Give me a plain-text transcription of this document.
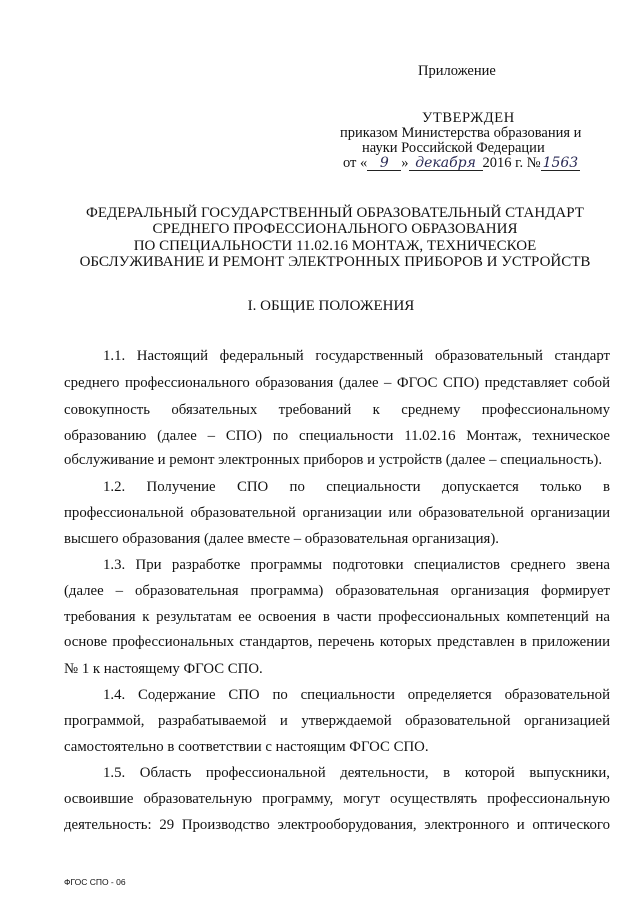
Приложение
УТВЕРЖДЕН
приказом Министерства образования и
науки Российской Федерации
от « 9 » декабря 2016 г. № 1563
ФЕДЕРАЛЬНЫЙ ГОСУДАРСТВЕННЫЙ ОБРАЗОВАТЕЛЬНЫЙ СТАНДАРТ
СРЕДНЕГО ПРОФЕССИОНАЛЬНОГО ОБРАЗОВАНИЯ
ПО СПЕЦИАЛЬНОСТИ 11.02.16 МОНТАЖ, ТЕХНИЧЕСКОЕ
ОБСЛУЖИВАНИЕ И РЕМОНТ ЭЛЕКТРОННЫХ ПРИБОРОВ И УСТРОЙСТВ
I. ОБЩИЕ ПОЛОЖЕНИЯ
1.1. Настоящий федеральный государственный образовательный стандарт
среднего профессионального образования (далее – ФГОС СПО) представляет собой
совокупность обязательных требований к среднему профессиональному
образованию (далее – СПО) по специальности 11.02.16 Монтаж, техническое
обслуживание и ремонт электронных приборов и устройств (далее – специальность).
1.2. Получение СПО по специальности допускается только в
профессиональной образовательной организации или образовательной организации
высшего образования (далее вместе – образовательная организация).
1.3. При разработке программы подготовки специалистов среднего звена
(далее – образовательная программа) образовательная организация формирует
требования к результатам ее освоения в части профессиональных компетенций на
основе профессиональных стандартов, перечень которых представлен в приложении
№ 1 к настоящему ФГОС СПО.
1.4. Содержание СПО по специальности определяется образовательной
программой, разрабатываемой и утверждаемой образовательной организацией
самостоятельно в соответствии с настоящим ФГОС СПО.
1.5. Область профессиональной деятельности, в которой выпускники,
освоившие образовательную программу, могут осуществлять профессиональную
деятельность: 29 Производство электрооборудования, электронного и оптического
ФГОС СПО - 06
